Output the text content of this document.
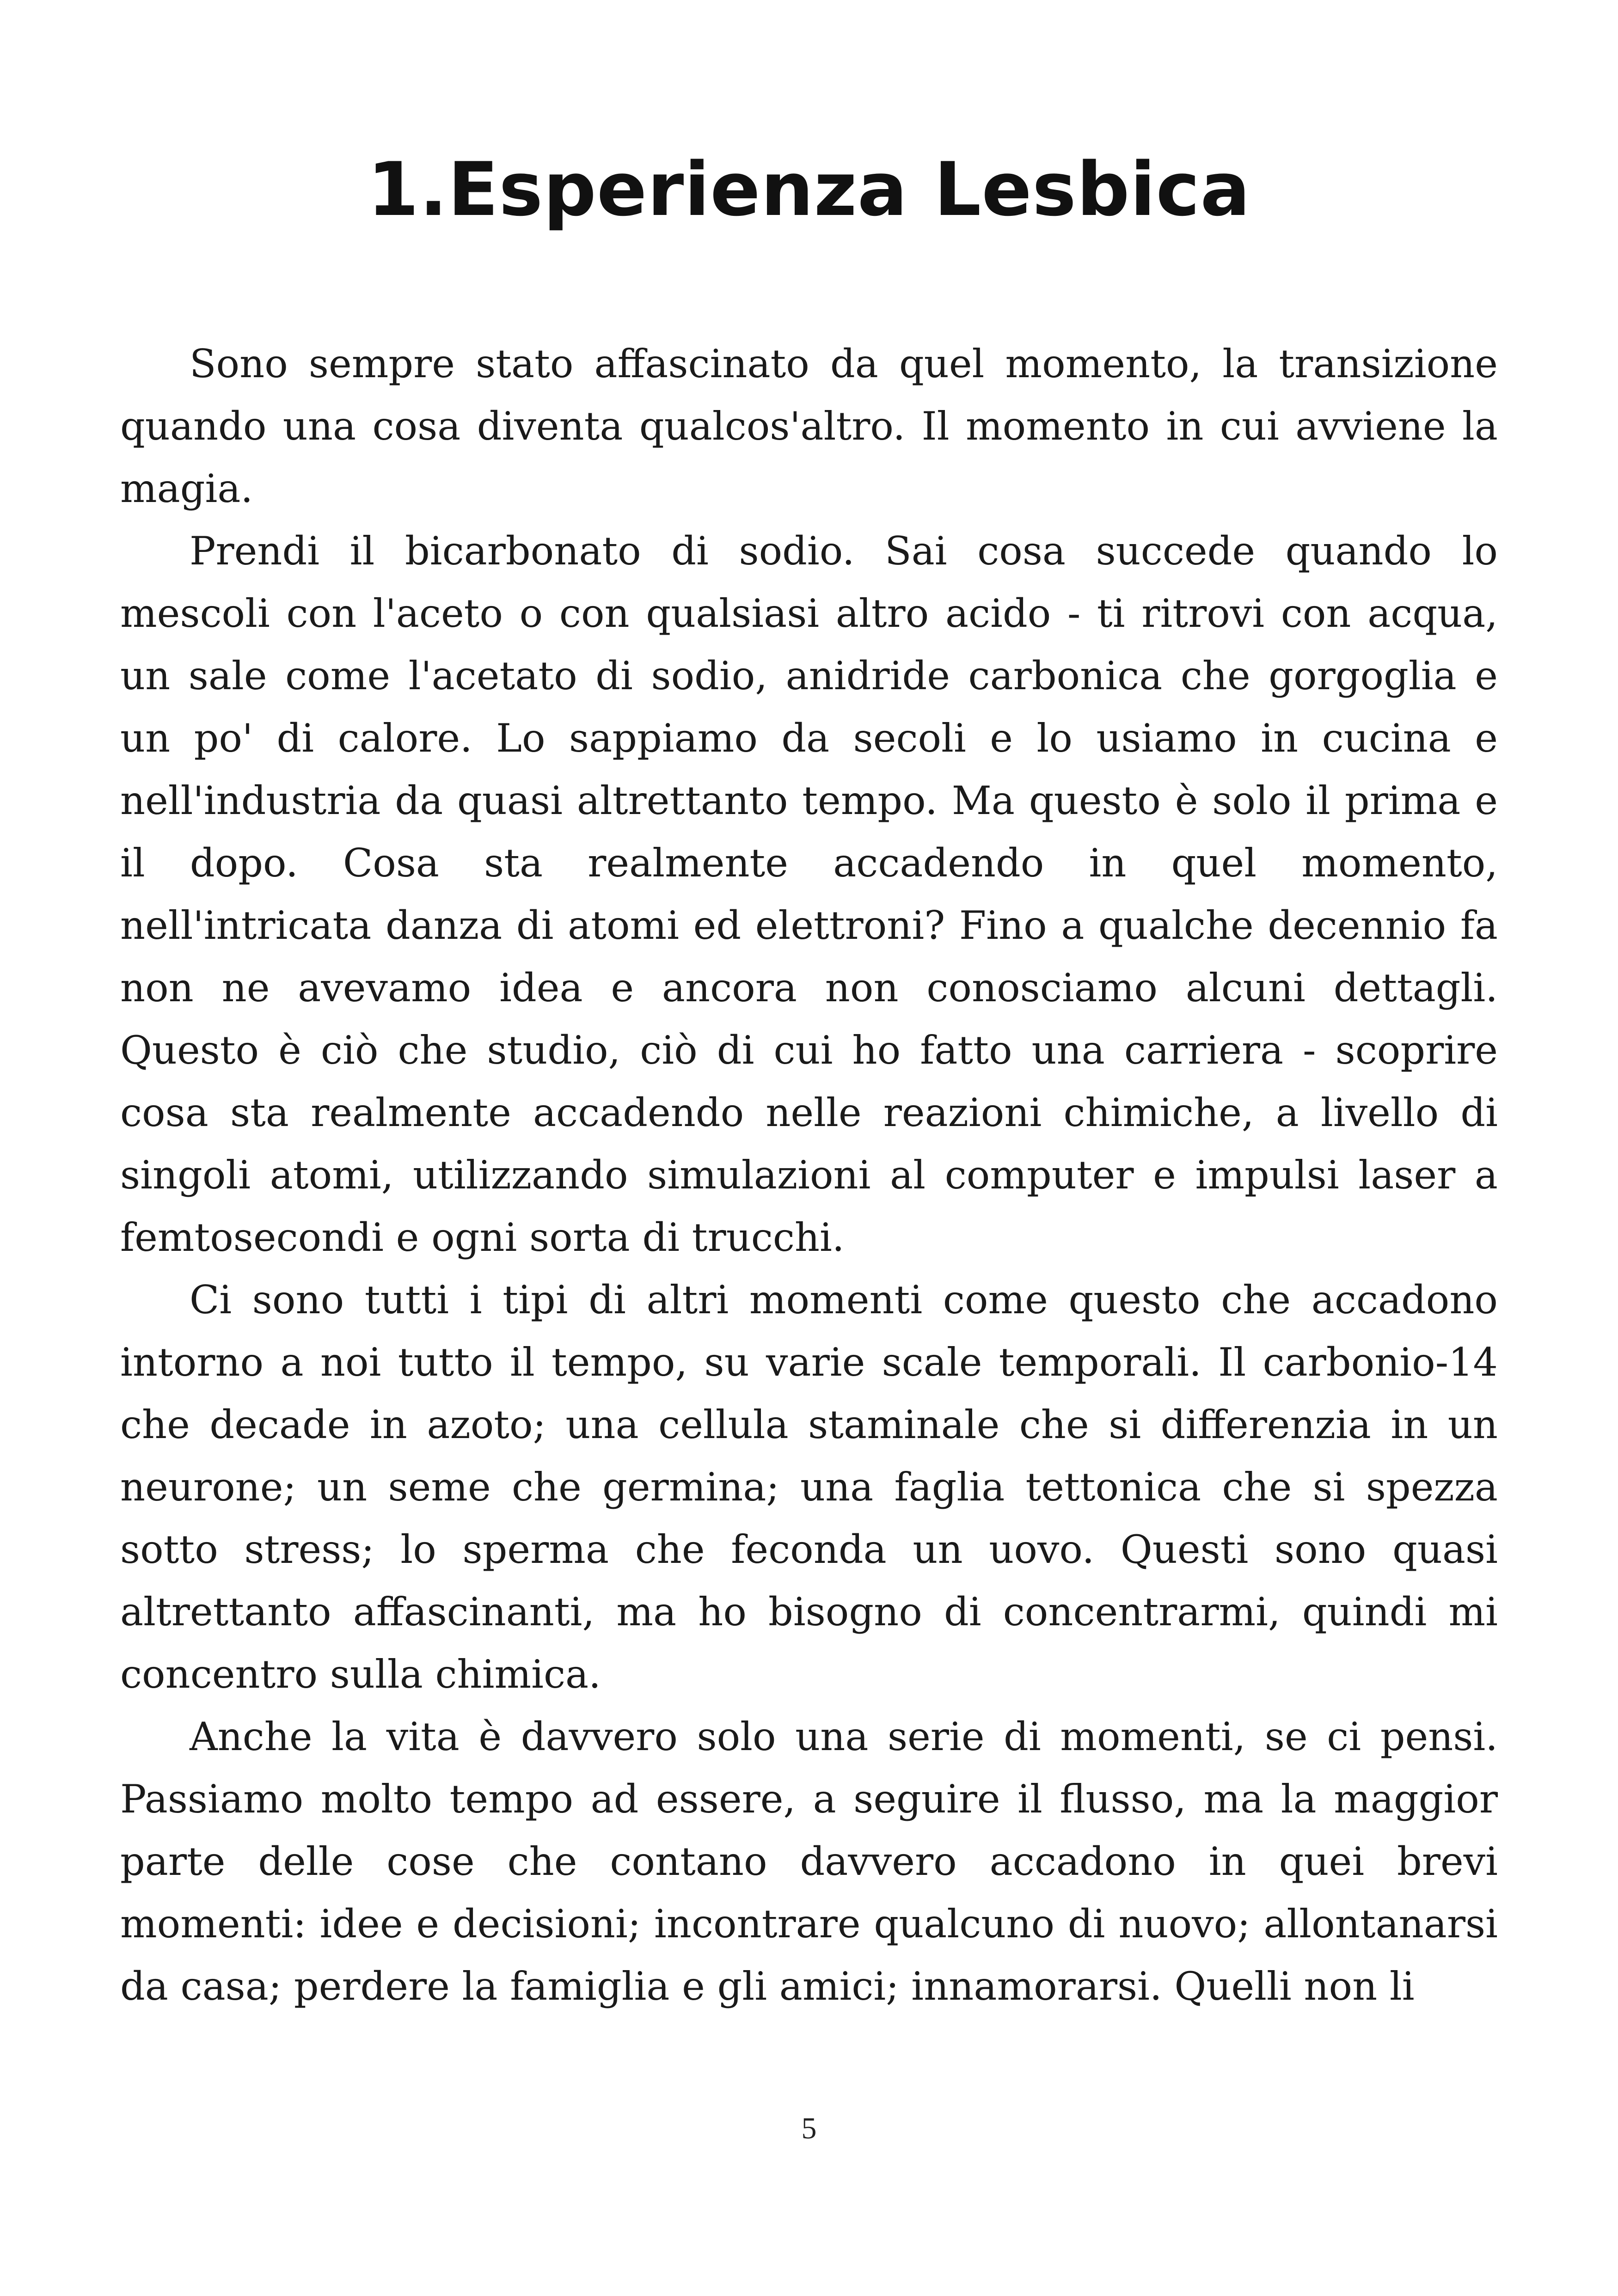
1.Esperienza Lesbica

Sono sempre stato affascinato da quel momento, la transizione quando una cosa diventa qualcos'altro. Il momento in cui avviene la magia.

Prendi il bicarbonato di sodio. Sai cosa succede quando lo mescoli con l'aceto o con qualsiasi altro acido - ti ritrovi con acqua, un sale come l'acetato di sodio, anidride carbonica che gorgoglia e un po' di calore. Lo sappiamo da secoli e lo usiamo in cucina e nell'industria da quasi altrettanto tempo. Ma questo è solo il prima e il dopo. Cosa sta realmente accadendo in quel momento, nell'intricata danza di atomi ed elettroni? Fino a qualche decennio fa non ne avevamo idea e ancora non conosciamo alcuni dettagli. Questo è ciò che studio, ciò di cui ho fatto una carriera - scoprire cosa sta realmente accadendo nelle reazioni chimiche, a livello di singoli atomi, utilizzando simulazioni al computer e impulsi laser a femtosecondi e ogni sorta di trucchi.

Ci sono tutti i tipi di altri momenti come questo che accadono intorno a noi tutto il tempo, su varie scale temporali. Il carbonio-14 che decade in azoto; una cellula staminale che si differenzia in un neurone; un seme che germina; una faglia tettonica che si spezza sotto stress; lo sperma che feconda un uovo. Questi sono quasi altrettanto affascinanti, ma ho bisogno di concentrarmi, quindi mi concentro sulla chimica.

Anche la vita è davvero solo una serie di momenti, se ci pensi. Passiamo molto tempo ad essere, a seguire il flusso, ma la maggior parte delle cose che contano davvero accadono in quei brevi momenti: idee e decisioni; incontrare qualcuno di nuovo; allontanarsi da casa; perdere la famiglia e gli amici; innamorarsi. Quelli non li

5
